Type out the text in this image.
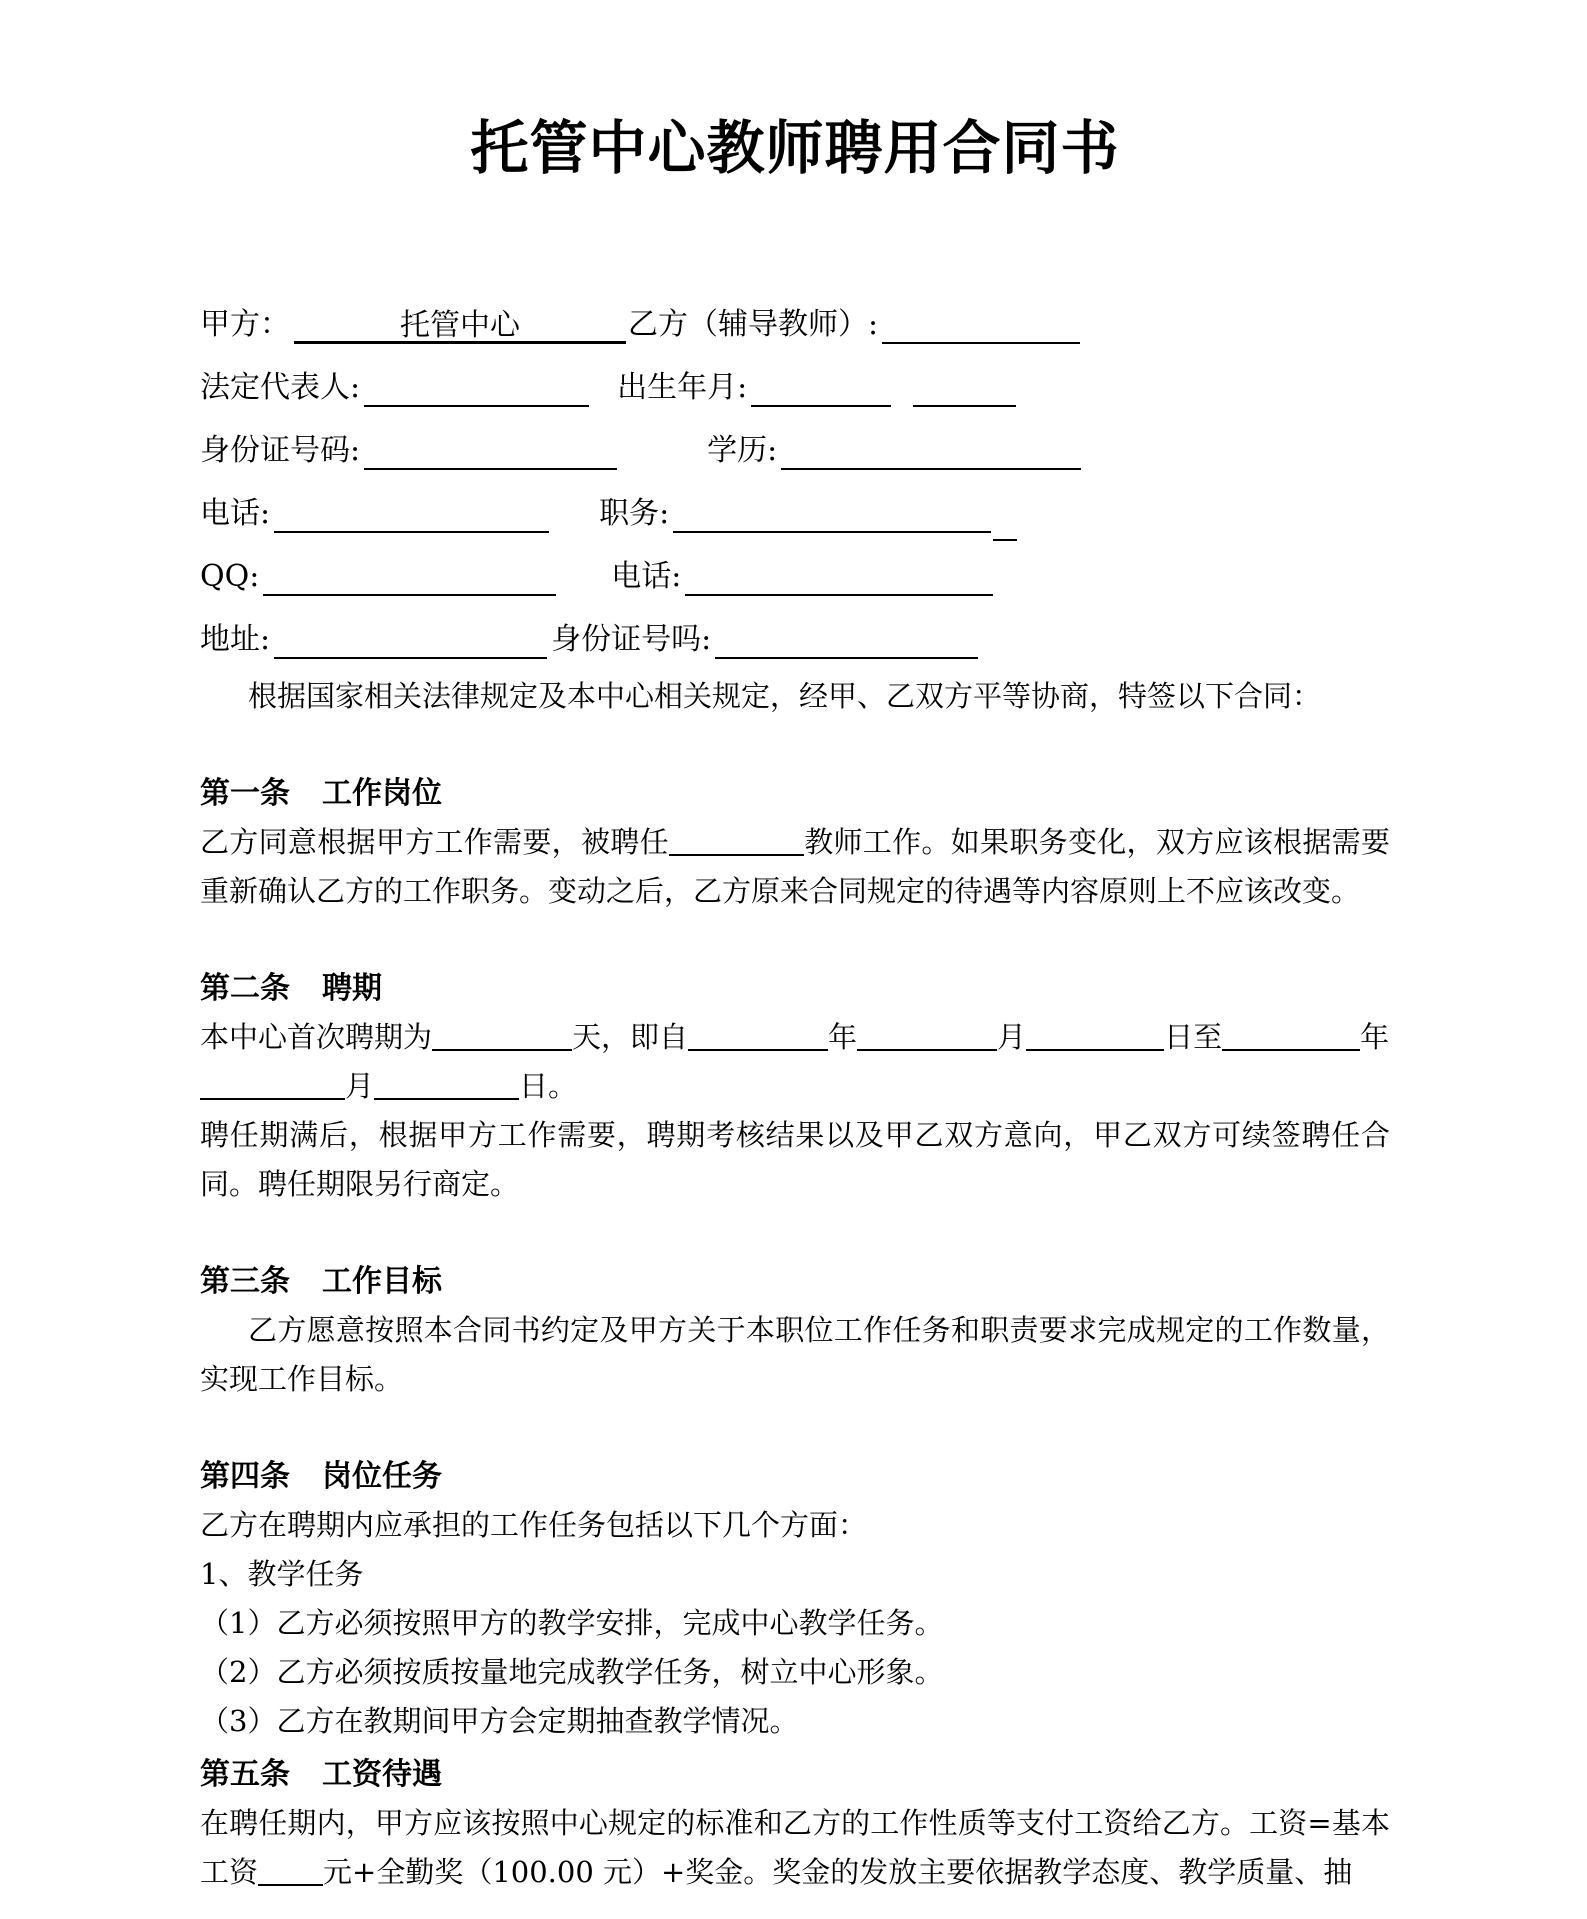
托管中心教师聘用合同书
甲方：	托管中心	乙方（辅导教师）:
法定代表人:	出生年月:
身份证号码:	学历:
电话:	职务:
QQ:	电话:
地址:	身份证号吗:

根据国家相关法律规定及本中心相关规定，经甲、乙双方平等协商，特签以下合同：

第一条 工作岗位

乙方同意根据甲方工作需要，被聘任	教师工作。如果职务变化，双方应该根据需要重新确认乙方的工作职务。变动之后，乙方原来合同规定的待遇等内容原则上不应该改变。

第二条 聘期

本中心首次聘期为	天，即自	年	月	日至	年

月	日。

聘任期满后，根据甲方工作需要，聘期考核结果以及甲乙双方意向，甲乙双方可续签聘任合同。聘任期限另行商定。

第三条 工作目标

乙方愿意按照本合同书约定及甲方关于本职位工作任务和职责要求完成规定的工作数量，实现工作目标。

第四条 岗位任务

乙方在聘期内应承担的工作任务包括以下几个方面：

1、教学任务

（1）乙方必须按照甲方的教学安排，完成中心教学任务。

（2）乙方必须按质按量地完成教学任务，树立中心形象。

（3）乙方在教期间甲方会定期抽查教学情况。

第五条 工资待遇

在聘任期内，甲方应该按照中心规定的标准和乙方的工作性质等支付工资给乙方。工资=基本工资 元+全勤奖（100.00 元）+奖金。奖金的发放主要依据教学态度、教学质量、抽
